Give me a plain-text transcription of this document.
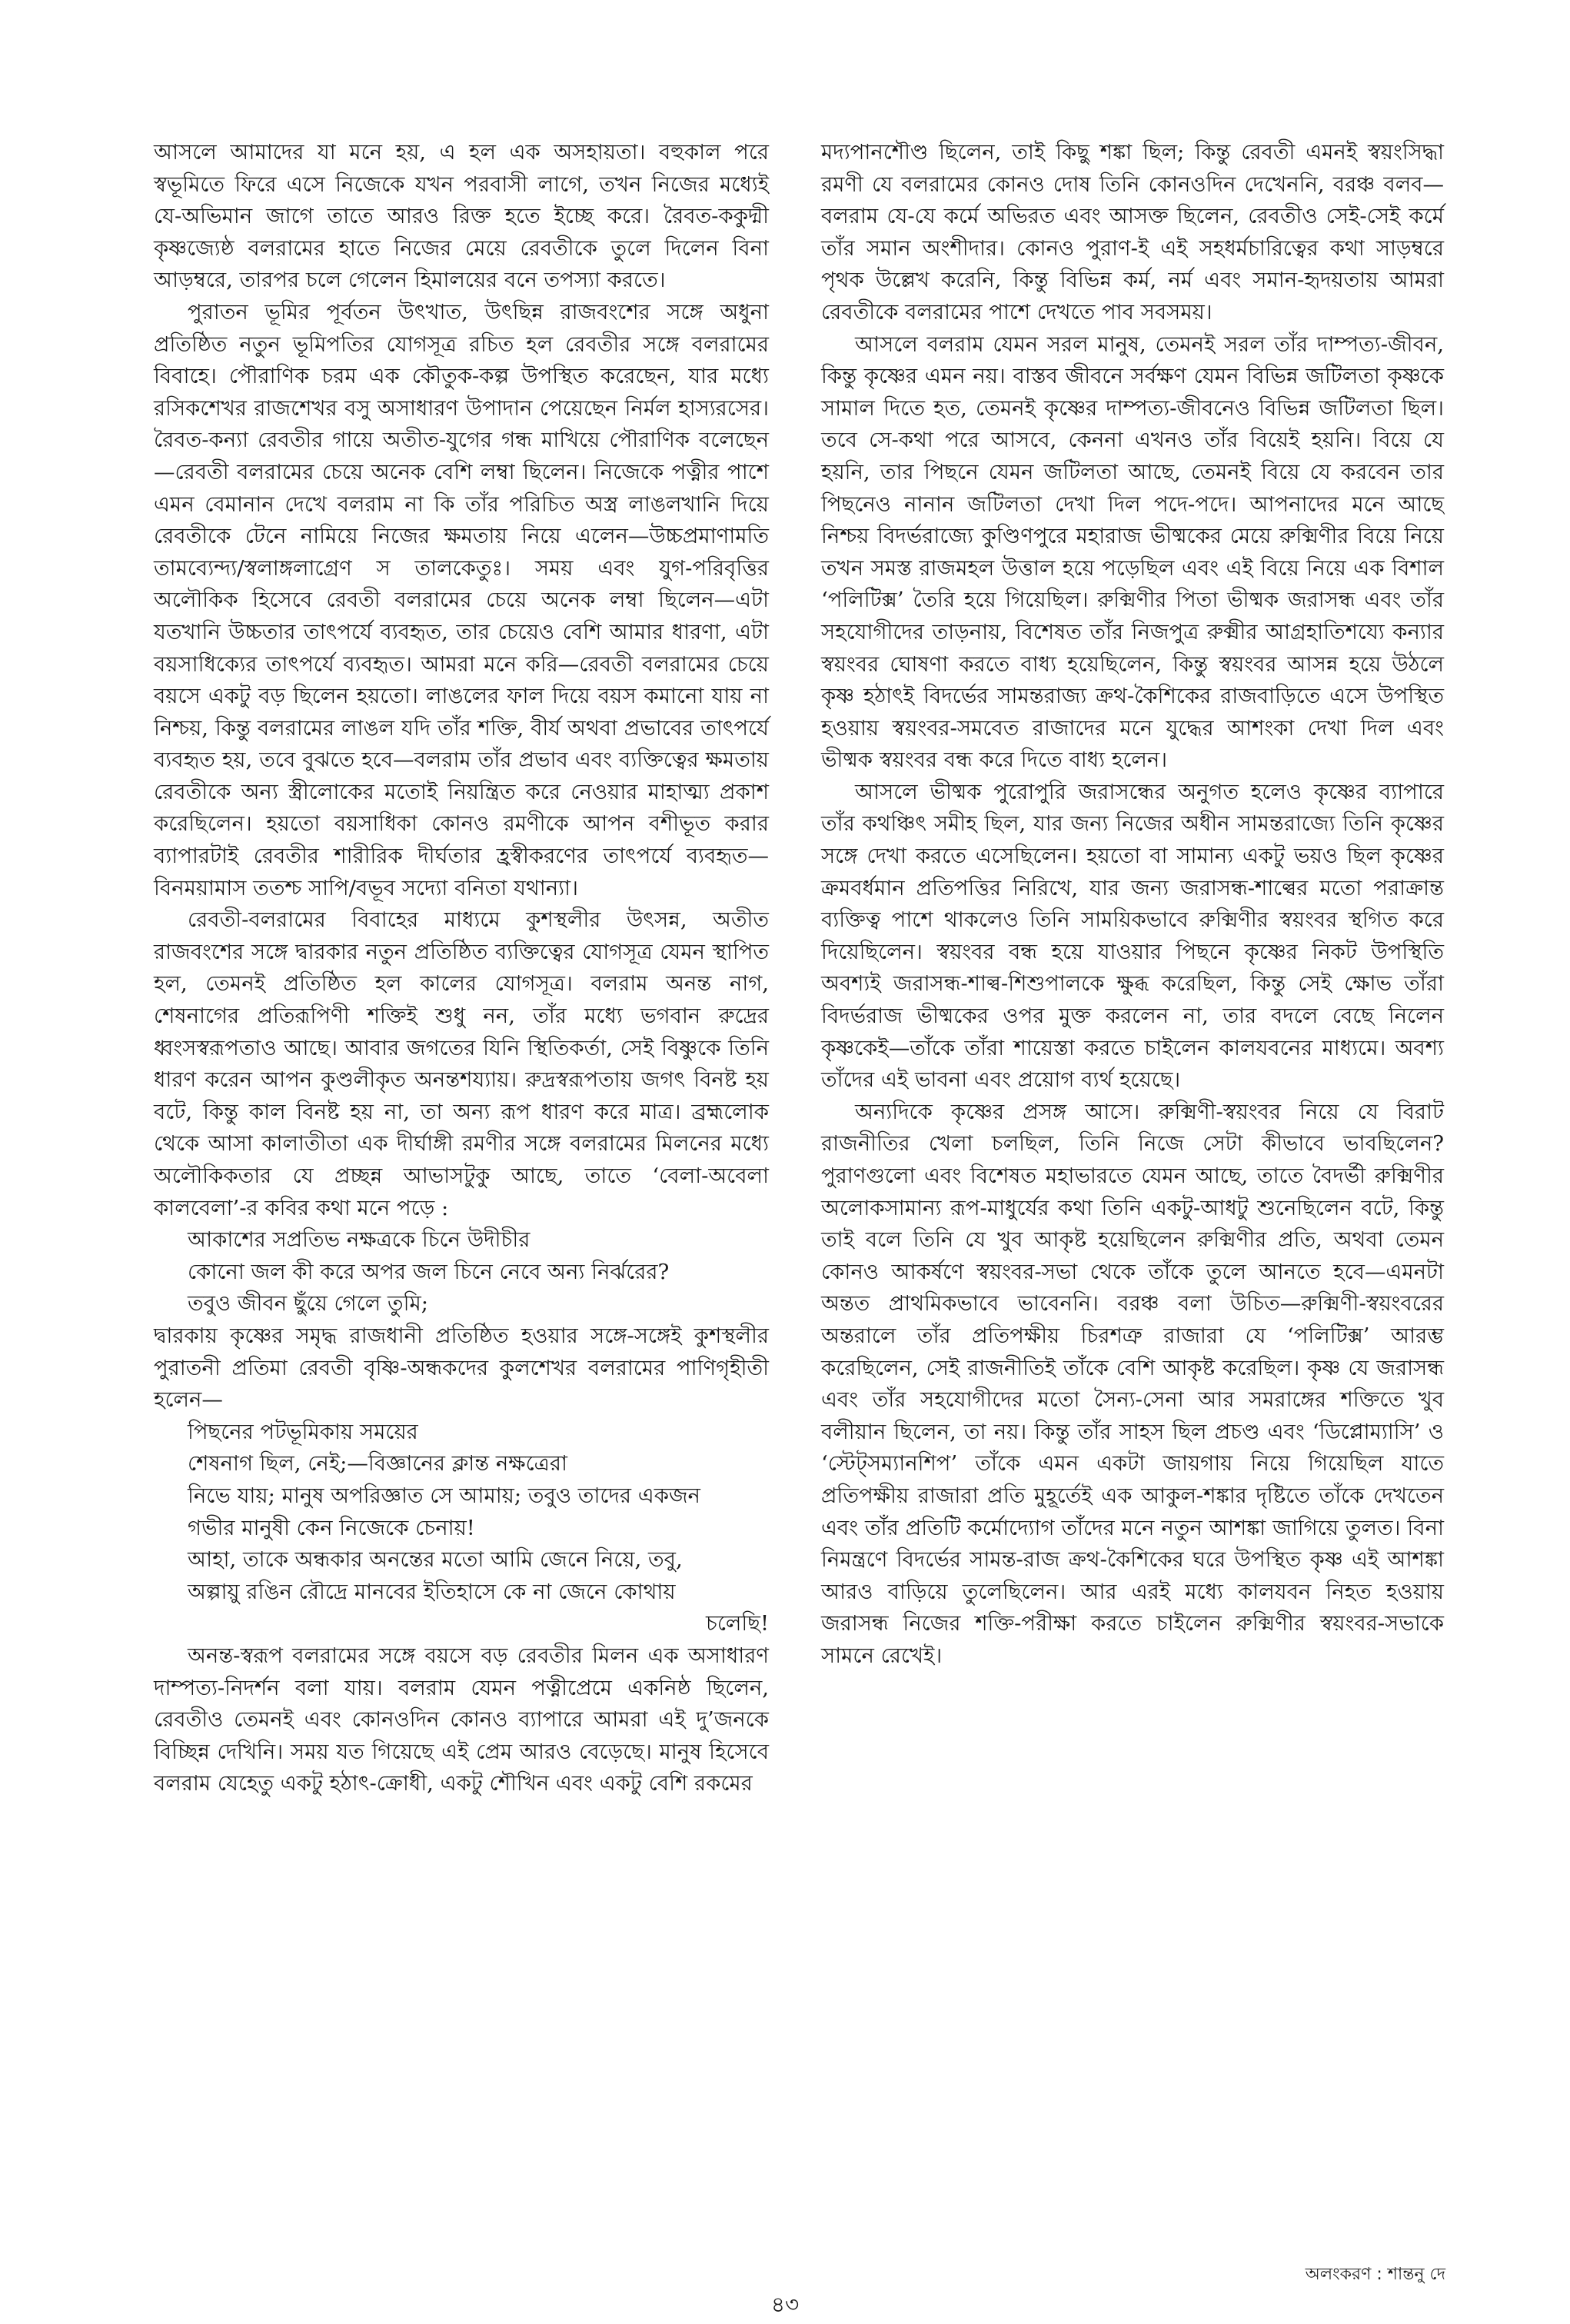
আসলে আমাদের যা মনে হয়, এ হল এক অসহায়তা। বহুকাল পরে স্বভূমিতে ফিরে এসে নিজেকে যখন পরবাসী লাগে, তখন নিজের মধ্যেই যে-অভিমান জাগে তাতে আরও রিক্ত হতে ইচ্ছে করে। রৈবত-ককুদ্মী কৃষ্ণজ্যেষ্ঠ বলরামের হাতে নিজের মেয়ে রেবতীকে তুলে দিলেন বিনা আড়ম্বরে, তারপর চলে গেলেন হিমালয়ের বনে তপস্যা করতে।

পুরাতন ভূমির পূর্বতন উৎখাত, উৎছিন্ন রাজবংশের সঙ্গে অধুনা প্রতিষ্ঠিত নতুন ভূমিপতির যোগসূত্র রচিত হল রেবতীর সঙ্গে বলরামের বিবাহে। পৌরাণিক চরম এক কৌতুক-কল্প উপস্থিত করেছেন, যার মধ্যে রসিকশেখর রাজশেখর বসু অসাধারণ উপাদান পেয়েছেন নির্মল হাস্যরসের। রৈবত-কন্যা রেবতীর গায়ে অতীত-যুগের গন্ধ মাখিয়ে পৌরাণিক বলেছেন—রেবতী বলরামের চেয়ে অনেক বেশি লম্বা ছিলেন। নিজেকে পত্নীর পাশে এমন বেমানান দেখে বলরাম না কি তাঁর পরিচিত অস্ত্র লাঙলখানি দিয়ে রেবতীকে টেনে নামিয়ে নিজের ক্ষমতায় নিয়ে এলেন—উচ্চপ্রমাণামতি তামব্যেন্দ্য/স্বলাঙ্গলাগ্রেণ স তালকেতুঃ। সময় এবং যুগ-পরিবৃত্তির অলৌকিক হিসেবে রেবতী বলরামের চেয়ে অনেক লম্বা ছিলেন—এটা যতখানি উচ্চতার তাৎপর্যে ব্যবহৃত, তার চেয়েও বেশি আমার ধারণা, এটা বয়সাধিক্যের তাৎপর্যে ব্যবহৃত। আমরা মনে করি—রেবতী বলরামের চেয়ে বয়সে একটু বড় ছিলেন হয়তো। লাঙলের ফাল দিয়ে বয়স কমানো যায় না নিশ্চয়, কিন্তু বলরামের লাঙল যদি তাঁর শক্তি, বীর্য অথবা প্রভাবের তাৎপর্যে ব্যবহৃত হয়, তবে বুঝতে হবে—বলরাম তাঁর প্রভাব এবং ব্যক্তিত্বের ক্ষমতায় রেবতীকে অন্য স্ত্রীলোকের মতোই নিয়ন্ত্রিত করে নেওয়ার মাহাত্ম্য প্রকাশ করেছিলেন। হয়তো বয়সাধিকা কোনও রমণীকে আপন বশীভূত করার ব্যাপারটাই রেবতীর শারীরিক দীর্ঘতার হ্রস্বীকরণের তাৎপর্যে ব্যবহৃত—বিনময়ামাস ততশ্চ সাপি/বভূব সদ্যো বনিতা যথান্যা।

রেবতী-বলরামের বিবাহের মাধ্যমে কুশস্থলীর উৎসন্ন, অতীত রাজবংশের সঙ্গে দ্বারকার নতুন প্রতিষ্ঠিত ব্যক্তিত্বের যোগসূত্র যেমন স্থাপিত হল, তেমনই প্রতিষ্ঠিত হল কালের যোগসূত্র। বলরাম অনন্ত নাগ, শেষনাগের প্রতিরূপিণী শক্তিই শুধু নন, তাঁর মধ্যে ভগবান রুদ্রের ধ্বংসস্বরূপতাও আছে। আবার জগতের যিনি স্থিতিকর্তা, সেই বিষ্ণুকে তিনি ধারণ করেন আপন কুণ্ডলীকৃত অনন্তশয্যায়। রুদ্রস্বরূপতায় জগৎ বিনষ্ট হয় বটে, কিন্তু কাল বিনষ্ট হয় না, তা অন্য রূপ ধারণ করে মাত্র। ব্রহ্মলোক থেকে আসা কালাতীতা এক দীর্ঘাঙ্গী রমণীর সঙ্গে বলরামের মিলনের মধ্যে অলৌকিকতার যে প্রচ্ছন্ন আভাসটুকু আছে, তাতে ‘বেলা-অবেলা কালবেলা’-র কবির কথা মনে পড়ে :

আকাশের সপ্রতিভ নক্ষত্রকে চিনে উদীচীর
কোনো জল কী করে অপর জল চিনে নেবে অন্য নির্ঝরের?
তবুও জীবন ছুঁয়ে গেলে তুমি;

দ্বারকায় কৃষ্ণের সমৃদ্ধ রাজধানী প্রতিষ্ঠিত হওয়ার সঙ্গে-সঙ্গেই কুশস্থলীর পুরাতনী প্রতিমা রেবতী বৃষ্ণি-অন্ধকদের কুলশেখর বলরামের পাণিগৃহীতী হলেন—

পিছনের পটভূমিকায় সময়ের
শেষনাগ ছিল, নেই;—বিজ্ঞানের ক্লান্ত নক্ষত্রেরা
নিভে যায়; মানুষ অপরিজ্ঞাত সে আমায়; তবুও তাদের একজন
গভীর মানুষী কেন নিজেকে চেনায়!
আহা, তাকে অন্ধকার অনন্তের মতো আমি জেনে নিয়ে, তবু,
অল্পায়ু রঙিন রৌদ্রে মানবের ইতিহাসে কে না জেনে কোথায়
চলেছি!

অনন্ত-স্বরূপ বলরামের সঙ্গে বয়সে বড় রেবতীর মিলন এক অসাধারণ দাম্পত্য-নিদর্শন বলা যায়। বলরাম যেমন পত্নীপ্রেমে একনিষ্ঠ ছিলেন, রেবতীও তেমনই এবং কোনওদিন কোনও ব্যাপারে আমরা এই দু’জনকে বিচ্ছিন্ন দেখিনি। সময় যত গিয়েছে এই প্রেম আরও বেড়েছে। মানুষ হিসেবে বলরাম যেহেতু একটু হঠাৎ-ক্রোধী, একটু শৌখিন এবং একটু বেশি রকমের

মদ্যপানশৌণ্ড ছিলেন, তাই কিছু শঙ্কা ছিল; কিন্তু রেবতী এমনই স্বয়ংসিদ্ধা রমণী যে বলরামের কোনও দোষ তিনি কোনওদিন দেখেননি, বরঞ্চ বলব—বলরাম যে-যে কর্মে অভিরত এবং আসক্ত ছিলেন, রেবতীও সেই-সেই কর্মে তাঁর সমান অংশীদার। কোনও পুরাণ-ই এই সহধর্মচারিত্বের কথা সাড়ম্বরে পৃথক উল্লেখ করেনি, কিন্তু বিভিন্ন কর্ম, নর্ম এবং সমান-হৃদয়তায় আমরা রেবতীকে বলরামের পাশে দেখতে পাব সবসময়।

আসলে বলরাম যেমন সরল মানুষ, তেমনই সরল তাঁর দাম্পত্য-জীবন, কিন্তু কৃষ্ণের এমন নয়। বাস্তব জীবনে সর্বক্ষণ যেমন বিভিন্ন জটিলতা কৃষ্ণকে সামাল দিতে হত, তেমনই কৃষ্ণের দাম্পত্য-জীবনেও বিভিন্ন জটিলতা ছিল। তবে সে-কথা পরে আসবে, কেননা এখনও তাঁর বিয়েই হয়নি। বিয়ে যে হয়নি, তার পিছনে যেমন জটিলতা আছে, তেমনই বিয়ে যে করবেন তার পিছনেও নানান জটিলতা দেখা দিল পদে-পদে। আপনাদের মনে আছে নিশ্চয় বিদর্ভরাজ্যে কুণ্ডিণপুরে মহারাজ ভীষ্মকের মেয়ে রুক্মিণীর বিয়ে নিয়ে তখন সমস্ত রাজমহল উত্তাল হয়ে পড়েছিল এবং এই বিয়ে নিয়ে এক বিশাল ‘পলিটিক্স’ তৈরি হয়ে গিয়েছিল। রুক্মিণীর পিতা ভীষ্মক জরাসন্ধ এবং তাঁর সহযোগীদের তাড়নায়, বিশেষত তাঁর নিজপুত্র রুক্মীর আগ্রহাতিশয্যে কন্যার স্বয়ংবর ঘোষণা করতে বাধ্য হয়েছিলেন, কিন্তু স্বয়ংবর আসন্ন হয়ে উঠলে কৃষ্ণ হঠাৎই বিদর্ভের সামন্তরাজ্য ক্রথ-কৈশিকের রাজবাড়িতে এসে উপস্থিত হওয়ায় স্বয়ংবর-সমবেত রাজাদের মনে যুদ্ধের আশংকা দেখা দিল এবং ভীষ্মক স্বয়ংবর বন্ধ করে দিতে বাধ্য হলেন।

আসলে ভীষ্মক পুরোপুরি জরাসন্ধের অনুগত হলেও কৃষ্ণের ব্যাপারে তাঁর কথঞ্চিৎ সমীহ ছিল, যার জন্য নিজের অধীন সামন্তরাজ্যে তিনি কৃষ্ণের সঙ্গে দেখা করতে এসেছিলেন। হয়তো বা সামান্য একটু ভয়ও ছিল কৃষ্ণের ক্রমবর্ধমান প্রতিপত্তির নিরিখে, যার জন্য জরাসন্ধ-শাল্বের মতো পরাক্রান্ত ব্যক্তিত্ব পাশে থাকলেও তিনি সাময়িকভাবে রুক্মিণীর স্বয়ংবর স্থগিত করে দিয়েছিলেন। স্বয়ংবর বন্ধ হয়ে যাওয়ার পিছনে কৃষ্ণের নিকট উপস্থিতি অবশ্যই জরাসন্ধ-শাল্ব-শিশুপালকে ক্ষুব্ধ করেছিল, কিন্তু সেই ক্ষোভ তাঁরা বিদর্ভরাজ ভীষ্মকের ওপর মুক্ত করলেন না, তার বদলে বেছে নিলেন কৃষ্ণকেই—তাঁকে তাঁরা শায়েস্তা করতে চাইলেন কালযবনের মাধ্যমে। অবশ্য তাঁদের এই ভাবনা এবং প্রয়োগ ব্যর্থ হয়েছে।

অন্যদিকে কৃষ্ণের প্রসঙ্গ আসে। রুক্মিণী-স্বয়ংবর নিয়ে যে বিরাট রাজনীতির খেলা চলছিল, তিনি নিজে সেটা কীভাবে ভাবছিলেন? পুরাণগুলো এবং বিশেষত মহাভারতে যেমন আছে, তাতে বৈদর্ভী রুক্মিণীর অলোকসামান্য রূপ-মাধুর্যের কথা তিনি একটু-আধটু শুনেছিলেন বটে, কিন্তু তাই বলে তিনি যে খুব আকৃষ্ট হয়েছিলেন রুক্মিণীর প্রতি, অথবা তেমন কোনও আকর্ষণে স্বয়ংবর-সভা থেকে তাঁকে তুলে আনতে হবে—এমনটা অন্তত প্রাথমিকভাবে ভাবেননি। বরঞ্চ বলা উচিত—রুক্মিণী-স্বয়ংবরের অন্তরালে তাঁর প্রতিপক্ষীয় চিরশত্রু রাজারা যে ‘পলিটিক্স’ আরম্ভ করেছিলেন, সেই রাজনীতিই তাঁকে বেশি আকৃষ্ট করেছিল। কৃষ্ণ যে জরাসন্ধ এবং তাঁর সহযোগীদের মতো সৈন্য-সেনা আর সমরাঙ্গের শক্তিতে খুব বলীয়ান ছিলেন, তা নয়। কিন্তু তাঁর সাহস ছিল প্রচণ্ড এবং ‘ডিপ্লোম্যাসি’ ও ‘স্টেট্সম্যানশিপ’ তাঁকে এমন একটা জায়গায় নিয়ে গিয়েছিল যাতে প্রতিপক্ষীয় রাজারা প্রতি মুহূর্তেই এক আকুল-শঙ্কার দৃষ্টিতে তাঁকে দেখতেন এবং তাঁর প্রতিটি কর্মোদ্যোগ তাঁদের মনে নতুন আশঙ্কা জাগিয়ে তুলত। বিনা নিমন্ত্রণে বিদর্ভের সামন্ত-রাজ ক্রথ-কৈশিকের ঘরে উপস্থিত কৃষ্ণ এই আশঙ্কা আরও বাড়িয়ে তুলেছিলেন। আর এরই মধ্যে কালযবন নিহত হওয়ায় জরাসন্ধ নিজের শক্তি-পরীক্ষা করতে চাইলেন রুক্মিণীর স্বয়ংবর-সভাকে সামনে রেখেই।

অলংকরণ : শান্তনু দে
৪৩
